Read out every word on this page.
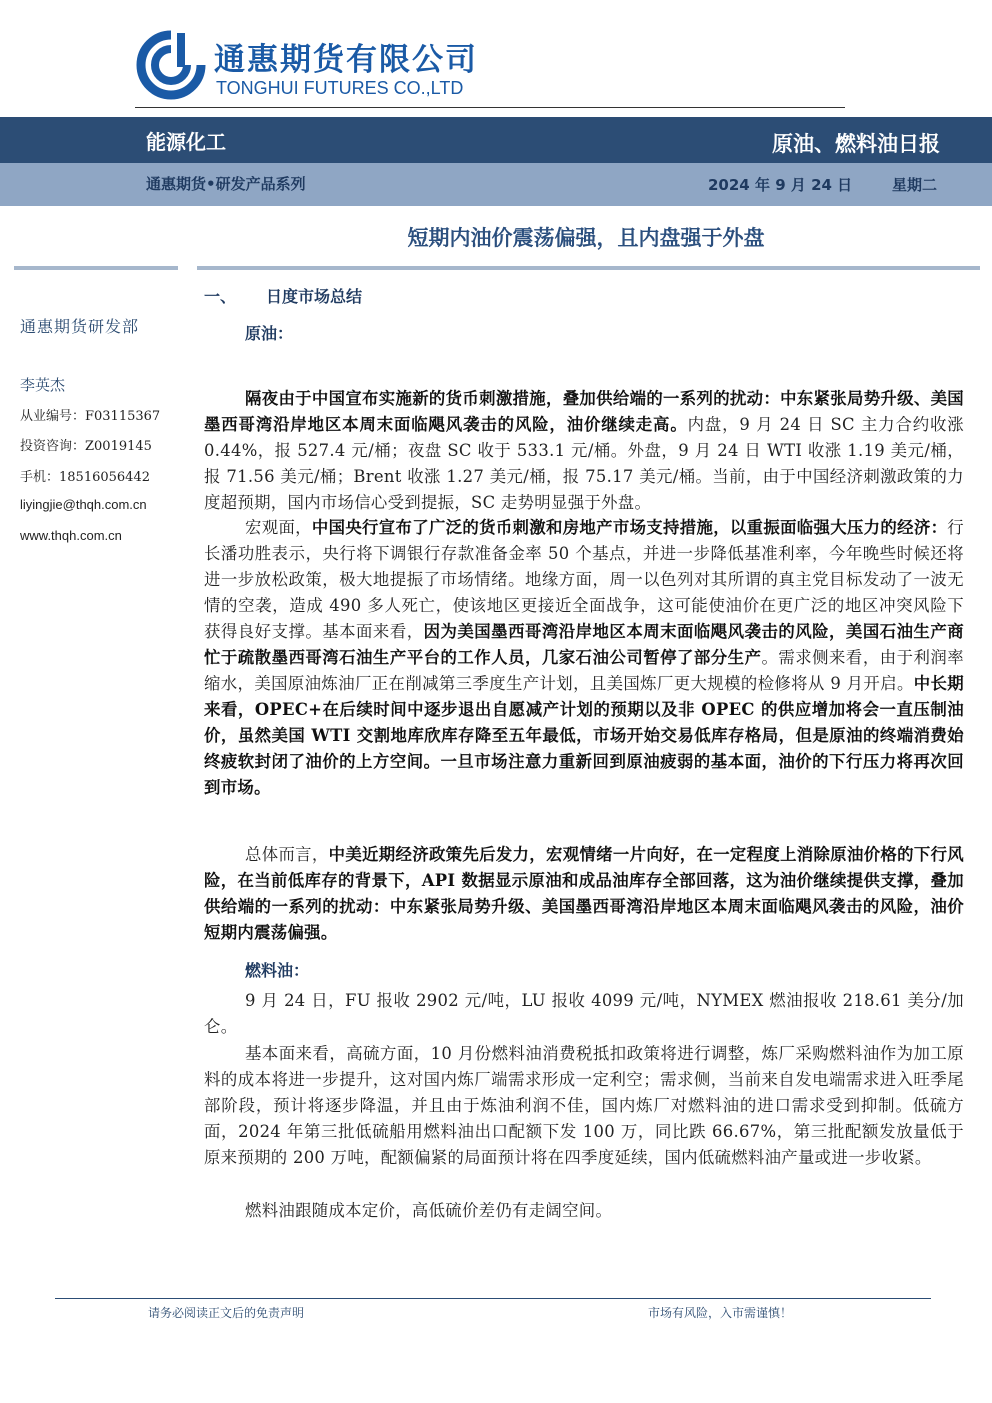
通惠期货有限公司
TONGHUI FUTURES CO.,LTD
能源化工	原油、燃料油日报
通惠期货•研发产品系列	2024 年 9 月 24 日	星期二
短期内油价震荡偏强，且内盘强于外盘
通惠期货研发部
李英杰
从业编号：F03115367
投资咨询：Z0019145
手机：18516056442
liyingjie@thqh.com.cn
www.thqh.com.cn
一、 日度市场总结
原油：
隔夜由于中国宣布实施新的货币刺激措施，叠加供给端的一系列的扰动：中东紧张局势升级、美国墨西哥湾沿岸地区本周末面临飓风袭击的风险，油价继续走高。内盘，9 月 24 日 SC 主力合约收涨 0.44%，报 527.4 元/桶；夜盘 SC 收于 533.1 元/桶。外盘，9 月 24 日 WTI 收涨 1.19 美元/桶，报 71.56 美元/桶；Brent 收涨 1.27 美元/桶，报 75.17 美元/桶。当前，由于中国经济刺激政策的力度超预期，国内市场信心受到提振，SC 走势明显强于外盘。
宏观面，中国央行宣布了广泛的货币刺激和房地产市场支持措施，以重振面临强大压力的经济：行长潘功胜表示，央行将下调银行存款准备金率 50 个基点，并进一步降低基准利率，今年晚些时候还将进一步放松政策，极大地提振了市场情绪。地缘方面，周一以色列对其所谓的真主党目标发动了一波无情的空袭，造成 490 多人死亡，使该地区更接近全面战争，这可能使油价在更广泛的地区冲突风险下获得良好支撑。基本面来看，因为美国墨西哥湾沿岸地区本周末面临飓风袭击的风险，美国石油生产商忙于疏散墨西哥湾石油生产平台的工作人员，几家石油公司暂停了部分生产。需求侧来看，由于利润率缩水，美国原油炼油厂正在削减第三季度生产计划，且美国炼厂更大规模的检修将从 9 月开启。中长期来看，OPEC+在后续时间中逐步退出自愿减产计划的预期以及非 OPEC 的供应增加将会一直压制油价，虽然美国 WTI 交割地库欣库存降至五年最低，市场开始交易低库存格局，但是原油的终端消费始终疲软封闭了油价的上方空间。一旦市场注意力重新回到原油疲弱的基本面，油价的下行压力将再次回到市场。
总体而言，中美近期经济政策先后发力，宏观情绪一片向好，在一定程度上消除原油价格的下行风险，在当前低库存的背景下，API 数据显示原油和成品油库存全部回落，这为油价继续提供支撑，叠加供给端的一系列的扰动：中东紧张局势升级、美国墨西哥湾沿岸地区本周末面临飓风袭击的风险，油价短期内震荡偏强。
燃料油：
9 月 24 日，FU 报收 2902 元/吨，LU 报收 4099 元/吨，NYMEX 燃油报收 218.61 美分/加仑。
基本面来看，高硫方面，10 月份燃料油消费税抵扣政策将进行调整，炼厂采购燃料油作为加工原料的成本将进一步提升，这对国内炼厂端需求形成一定利空；需求侧，当前来自发电端需求进入旺季尾部阶段，预计将逐步降温，并且由于炼油利润不佳，国内炼厂对燃料油的进口需求受到抑制。低硫方面，2024 年第三批低硫船用燃料油出口配额下发 100 万，同比跌 66.67%，第三批配额发放量低于原来预期的 200 万吨，配额偏紧的局面预计将在四季度延续，国内低硫燃料油产量或进一步收紧。
燃料油跟随成本定价，高低硫价差仍有走阔空间。
请务必阅读正文后的免责声明	市场有风险，入市需谨慎！
